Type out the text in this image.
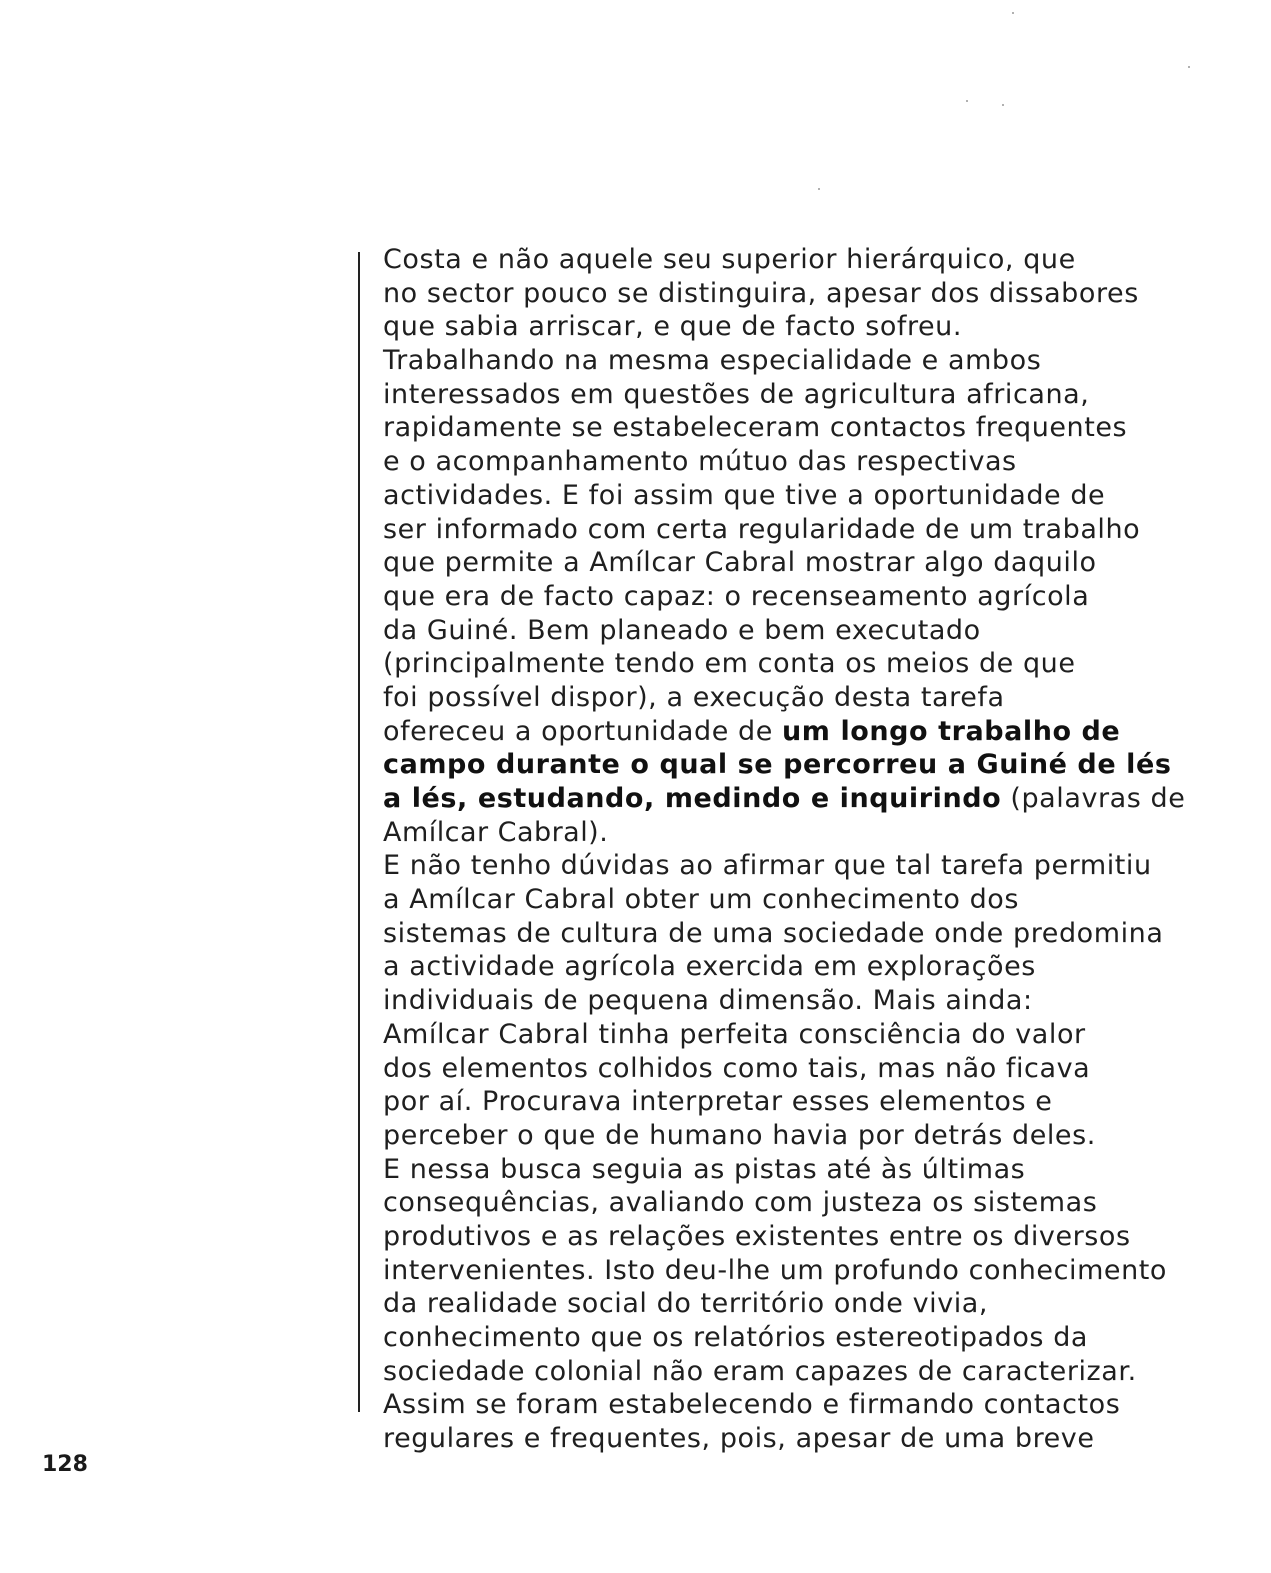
Costa e não aquele seu superior hierárquico, que
no sector pouco se distinguira, apesar dos dissabores
que sabia arriscar, e que de facto sofreu.
Trabalhando na mesma especialidade e ambos
interessados em questões de agricultura africana,
rapidamente se estabeleceram contactos frequentes
e o acompanhamento mútuo das respectivas
actividades. E foi assim que tive a oportunidade de
ser informado com certa regularidade de um trabalho
que permite a Amílcar Cabral mostrar algo daquilo
que era de facto capaz: o recenseamento agrícola
da Guiné. Bem planeado e bem executado
(principalmente tendo em conta os meios de que
foi possível dispor), a execução desta tarefa
ofereceu a oportunidade de um longo trabalho de
campo durante o qual se percorreu a Guiné de lés
a lés, estudando, medindo e inquirindo (palavras de
Amílcar Cabral).
E não tenho dúvidas ao afirmar que tal tarefa permitiu
a Amílcar Cabral obter um conhecimento dos
sistemas de cultura de uma sociedade onde predomina
a actividade agrícola exercida em explorações
individuais de pequena dimensão. Mais ainda:
Amílcar Cabral tinha perfeita consciência do valor
dos elementos colhidos como tais, mas não ficava
por aí. Procurava interpretar esses elementos e
perceber o que de humano havia por detrás deles.
E nessa busca seguia as pistas até às últimas
consequências, avaliando com justeza os sistemas
produtivos e as relações existentes entre os diversos
intervenientes. Isto deu-lhe um profundo conhecimento
da realidade social do território onde vivia,
conhecimento que os relatórios estereotipados da
sociedade colonial não eram capazes de caracterizar.
Assim se foram estabelecendo e firmando contactos
regulares e frequentes, pois, apesar de uma breve
128
